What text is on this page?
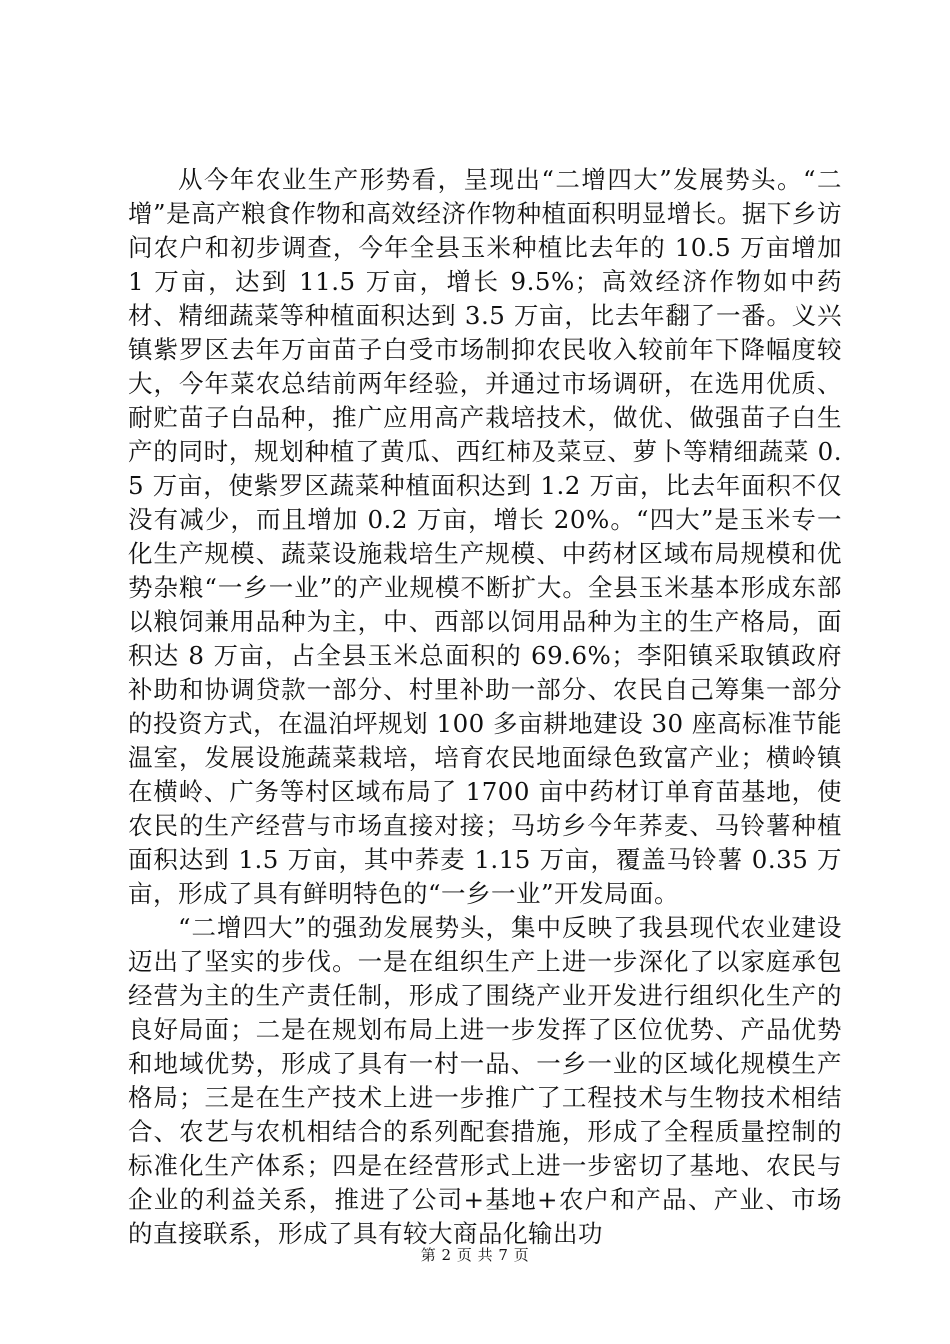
从今年农业生产形势看，呈现出“二增四大”发展势头。“二增”是高产粮食作物和高效经济作物种植面积明显增长。据下乡访问农户和初步调查，今年全县玉米种植比去年的 10.5 万亩增加 1 万亩，达到 11.5 万亩，增长 9.5%；高效经济作物如中药材、精细蔬菜等种植面积达到 3.5 万亩，比去年翻了一番。义兴镇紫罗区去年万亩苗子白受市场制抑农民收入较前年下降幅度较大，今年菜农总结前两年经验，并通过市场调研，在选用优质、耐贮苗子白品种，推广应用高产栽培技术，做优、做强苗子白生产的同时，规划种植了黄瓜、西红柿及菜豆、萝卜等精细蔬菜 0.5 万亩，使紫罗区蔬菜种植面积达到 1.2 万亩，比去年面积不仅没有减少，而且增加 0.2 万亩，增长 20%。“四大”是玉米专一化生产规模、蔬菜设施栽培生产规模、中药材区域布局规模和优势杂粮“一乡一业”的产业规模不断扩大。全县玉米基本形成东部以粮饲兼用品种为主，中、西部以饲用品种为主的生产格局，面积达 8 万亩，占全县玉米总面积的 69.6%；李阳镇采取镇政府补助和协调贷款一部分、村里补助一部分、农民自己筹集一部分的投资方式，在温泊坪规划 100 多亩耕地建设 30 座高标准节能温室，发展设施蔬菜栽培，培育农民地面绿色致富产业；横岭镇在横岭、广务等村区域布局了 1700 亩中药材订单育苗基地，使农民的生产经营与市场直接对接；马坊乡今年荞麦、马铃薯种植面积达到 1.5 万亩，其中荞麦 1.15 万亩，覆盖马铃薯 0.35 万亩，形成了具有鲜明特色的“一乡一业”开发局面。

“二增四大”的强劲发展势头，集中反映了我县现代农业建设迈出了坚实的步伐。一是在组织生产上进一步深化了以家庭承包经营为主的生产责任制，形成了围绕产业开发进行组织化生产的良好局面；二是在规划布局上进一步发挥了区位优势、产品优势和地域优势，形成了具有一村一品、一乡一业的区域化规模生产格局；三是在生产技术上进一步推广了工程技术与生物技术相结合、农艺与农机相结合的系列配套措施，形成了全程质量控制的标准化生产体系；四是在经营形式上进一步密切了基地、农民与企业的利益关系，推进了公司+基地+农户和产品、产业、市场的直接联系，形成了具有较大商品化输出功

第 2 页 共 7 页
